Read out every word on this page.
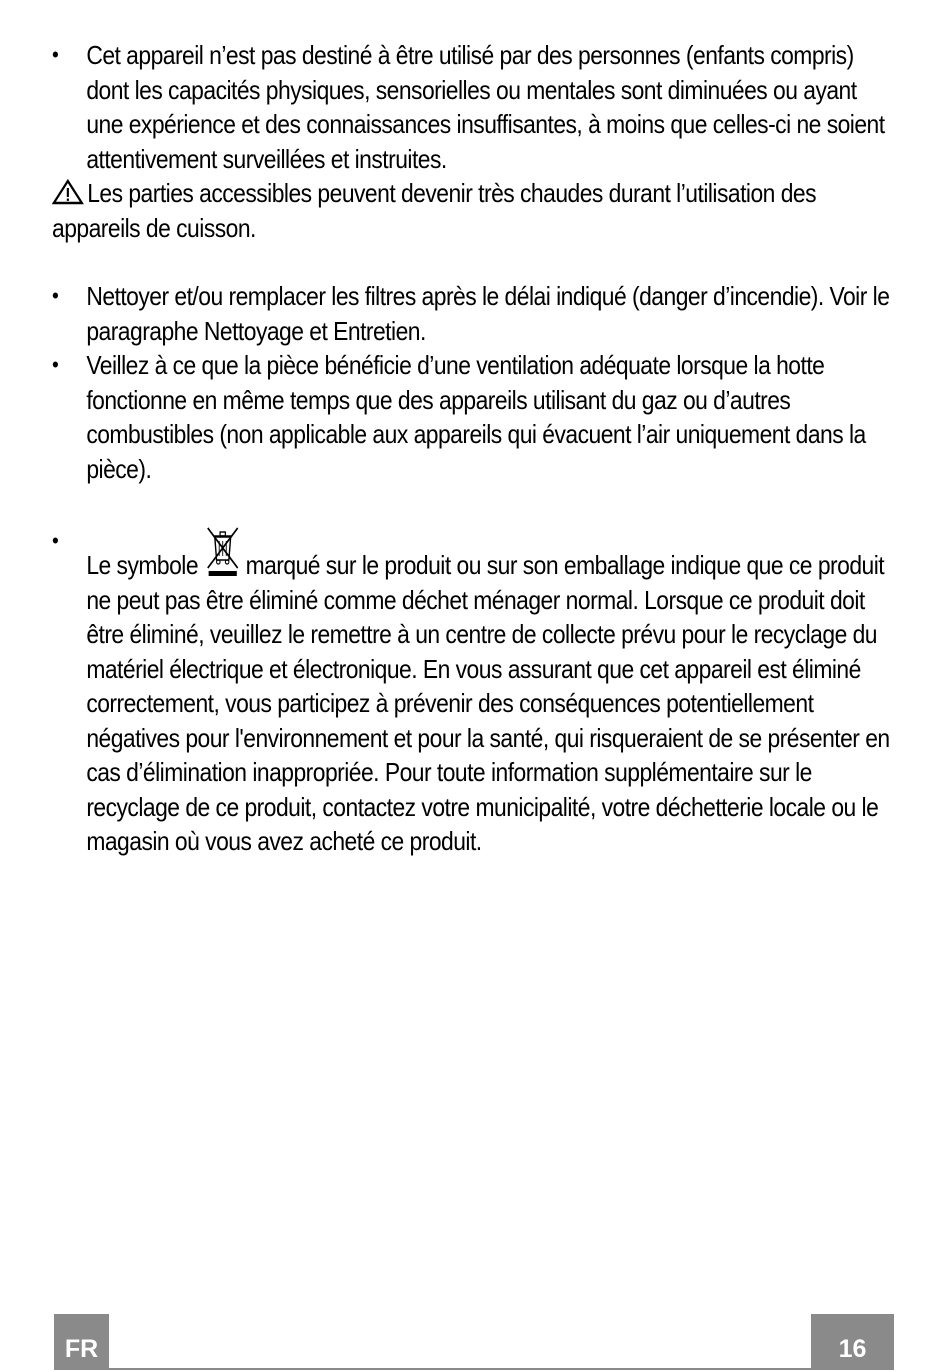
•	Cet appareil n’est pas destiné à être utilisé par des personnes (enfants compris) dont les capacités physiques, sensorielles ou mentales sont diminuées ou ayant une expérience et des connaissances insuffisantes, à moins que celles-ci ne soient attentivement surveillées et instruites.

Les parties accessibles peuvent devenir très chaudes durant l’utilisation des appareils de cuisson.

•	Nettoyer et/ou remplacer les filtres après le délai indiqué (danger d’incendie). Voir le paragraphe Nettoyage et Entretien.
•	Veillez à ce que la pièce bénéficie d’une ventilation adéquate lorsque la hotte fonctionne en même temps que des appareils utilisant du gaz ou d’autres combustibles (non applicable aux appareils qui évacuent l’air uniquement dans la pièce).
•
Le symbole marqué sur le produit ou sur son emballage indique que ce produit ne peut pas être éliminé comme déchet ménager normal. Lorsque ce produit doit être éliminé, veuillez le remettre à un centre de collecte prévu pour le recyclage du matériel électrique et électronique. En vous assurant que cet appareil est éliminé correctement, vous participez à prévenir des conséquences potentiellement négatives pour l'environnement et pour la santé, qui risqueraient de se présenter en cas d’élimination inappropriée. Pour toute information supplémentaire sur le recyclage de ce produit, contactez votre municipalité, votre déchetterie locale ou le magasin où vous avez acheté ce produit.
FR	16
